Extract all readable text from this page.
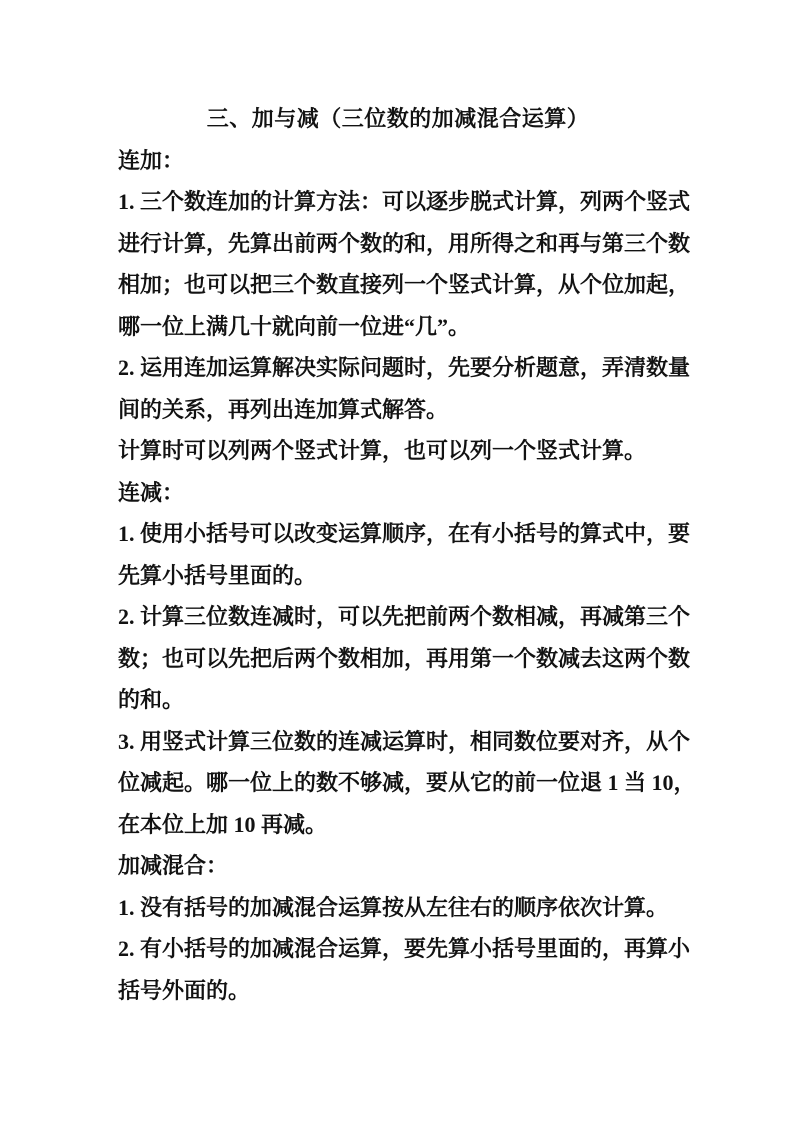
三、加与减（三位数的加减混合运算）
连加：
1. 三个数连加的计算方法：可以逐步脱式计算，列两个竖式
进行计算，先算出前两个数的和，用所得之和再与第三个数
相加；也可以把三个数直接列一个竖式计算，从个位加起，
哪一位上满几十就向前一位进“几”。
2. 运用连加运算解决实际问题时，先要分析题意，弄清数量
间的关系，再列出连加算式解答。
计算时可以列两个竖式计算，也可以列一个竖式计算。
连减：
1. 使用小括号可以改变运算顺序，在有小括号的算式中，要
先算小括号里面的。
2. 计算三位数连减时，可以先把前两个数相减，再减第三个
数；也可以先把后两个数相加，再用第一个数减去这两个数
的和。
3. 用竖式计算三位数的连减运算时，相同数位要对齐，从个
位减起。哪一位上的数不够减，要从它的前一位退 1 当 10，
在本位上加 10 再减。
加减混合：
1. 没有括号的加减混合运算按从左往右的顺序依次计算。
2. 有小括号的加减混合运算，要先算小括号里面的，再算小
括号外面的。
